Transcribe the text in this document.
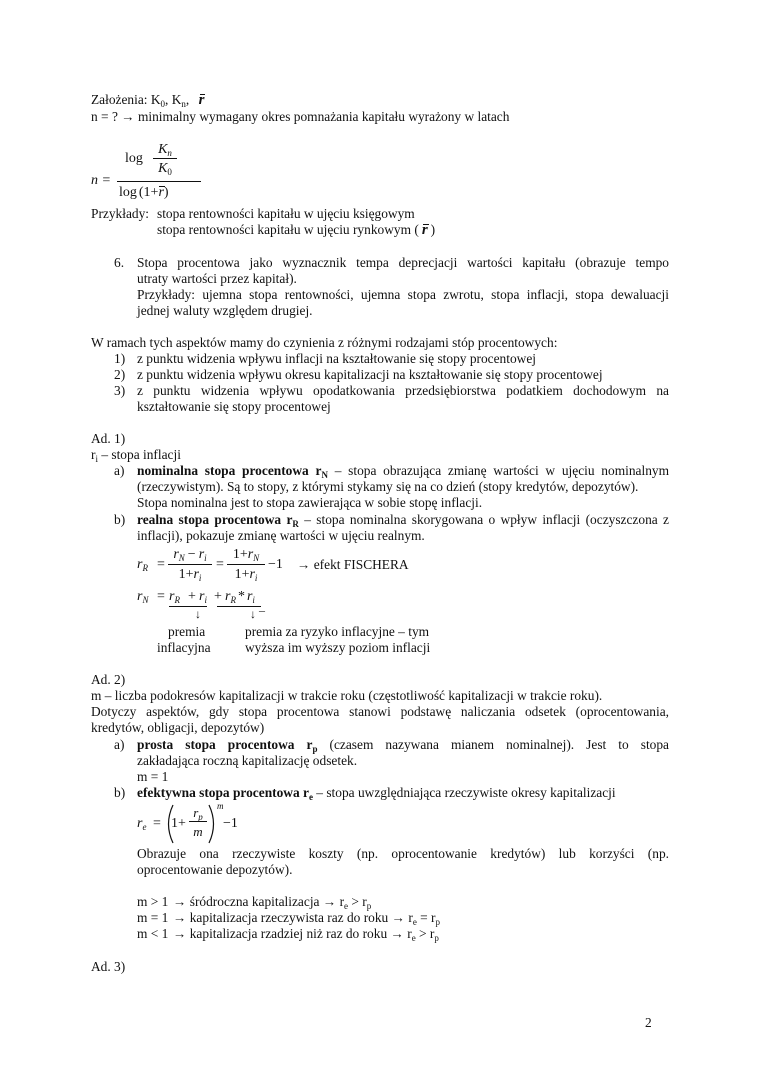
Założenia: $K_0$, $K_n$, r
n = ? → minimalny wymagany okres pomnażania kapitału wyrażony w latach
n =
log
$K_n$
$K_0$
log (1+r)
Przykłady: stopa rentowności kapitału w ujęciu księgowym
stopa rentowności kapitału w ujęciu rynkowym ( r )
6. Stopa procentowa jako wyznacznik tempa deprecjacji wartości kapitału (obrazuje tempo
utraty wartości przez kapitał).
Przykłady: ujemna stopa rentowności, ujemna stopa zwrotu, stopa inflacji, stopa dewaluacji
jednej waluty względem drugiej.
W ramach tych aspektów mamy do czynienia z różnymi rodzajami stóp procentowych:
1) z punktu widzenia wpływu inflacji na kształtowanie się stopy procentowej
2) z punktu widzenia wpływu okresu kapitalizacji na kształtowanie się stopy procentowej
3) z punktu widzenia wpływu opodatkowania przedsiębiorstwa podatkiem dochodowym na
kształtowanie się stopy procentowej
Ad. 1)
$r_i$ – stopa inflacji
a) nominalna stopa procentowa $r_N$ – stopa obrazująca zmianę wartości w ujęciu nominalnym
(rzeczywistym). Są to stopy, z którymi stykamy się na co dzień (stopy kredytów, depozytów).
Stopa nominalna jest to stopa zawierająca w sobie stopę inflacji.
b) realna stopa procentowa $r_R$ – stopa nominalna skorygowana o wpływ inflacji (oczyszczona z
inflacji), pokazuje zmianę wartości w ujęciu realnym.
$r_R$ =
$r_N - r_i$
$1+r_i$
=
$1+r_N$
$1+r_i$
−1 → efekt FISCHERA
$r_N = r_R + r_i + r_R * r_i$
↓	↓ –
premia
inflacyjna
premia za ryzyko inflacyjne – tym
wyższa im wyższy poziom inflacji
Ad. 2)
m – liczba podokresów kapitalizacji w trakcie roku (częstotliwość kapitalizacji w trakcie roku).
Dotyczy aspektów, gdy stopa procentowa stanowi podstawę naliczania odsetek (oprocentowania,
kredytów, obligacji, depozytów)
a) prosta stopa procentowa $r_p$ (czasem nazywana mianem nominalnej). Jest to stopa
zakładająca roczną kapitalizację odsetek.
m = 1
b) efektywna stopa procentowa $r_e$ – stopa uwzględniająca rzeczywiste okresy kapitalizacji
$r_e = 1+$
$r_p$
m
m
−1
Obrazuje ona rzeczywiste koszty (np. oprocentowanie kredytów) lub korzyści (np.
oprocentowanie depozytów).
m > 1 → śródroczna kapitalizacja → $r_e > r_p$
m = 1 → kapitalizacja rzeczywista raz do roku → $r_e = r_p$
m < 1 → kapitalizacja rzadziej niż raz do roku → $r_e > r_p$
Ad. 3)
2
